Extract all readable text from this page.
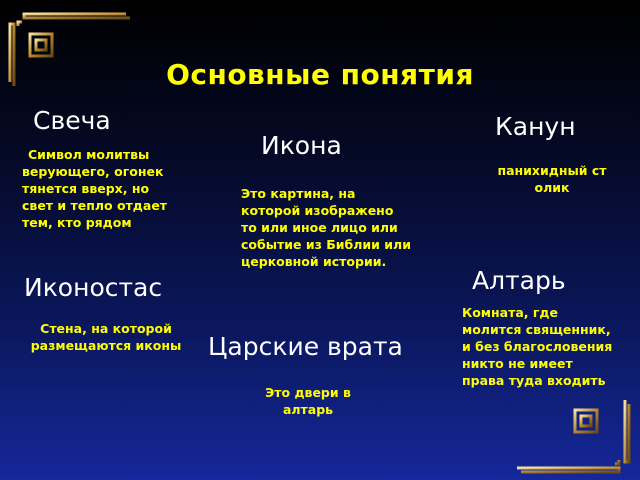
Основные понятия
Свеча
Символ молитвы верующего, огонек тянется вверх, но свет и тепло отдает тем, кто рядом
Икона
Это картина, на которой изображено то или иное лицо или событие из Библии или церковной истории.
Канун
панихидный столик
Иконостас
Стена, на которой размещаются иконы
Алтарь
Комната, где молится священник, и без благословения никто не имеет права туда входить
Царские врата
Это двери в алтарь
